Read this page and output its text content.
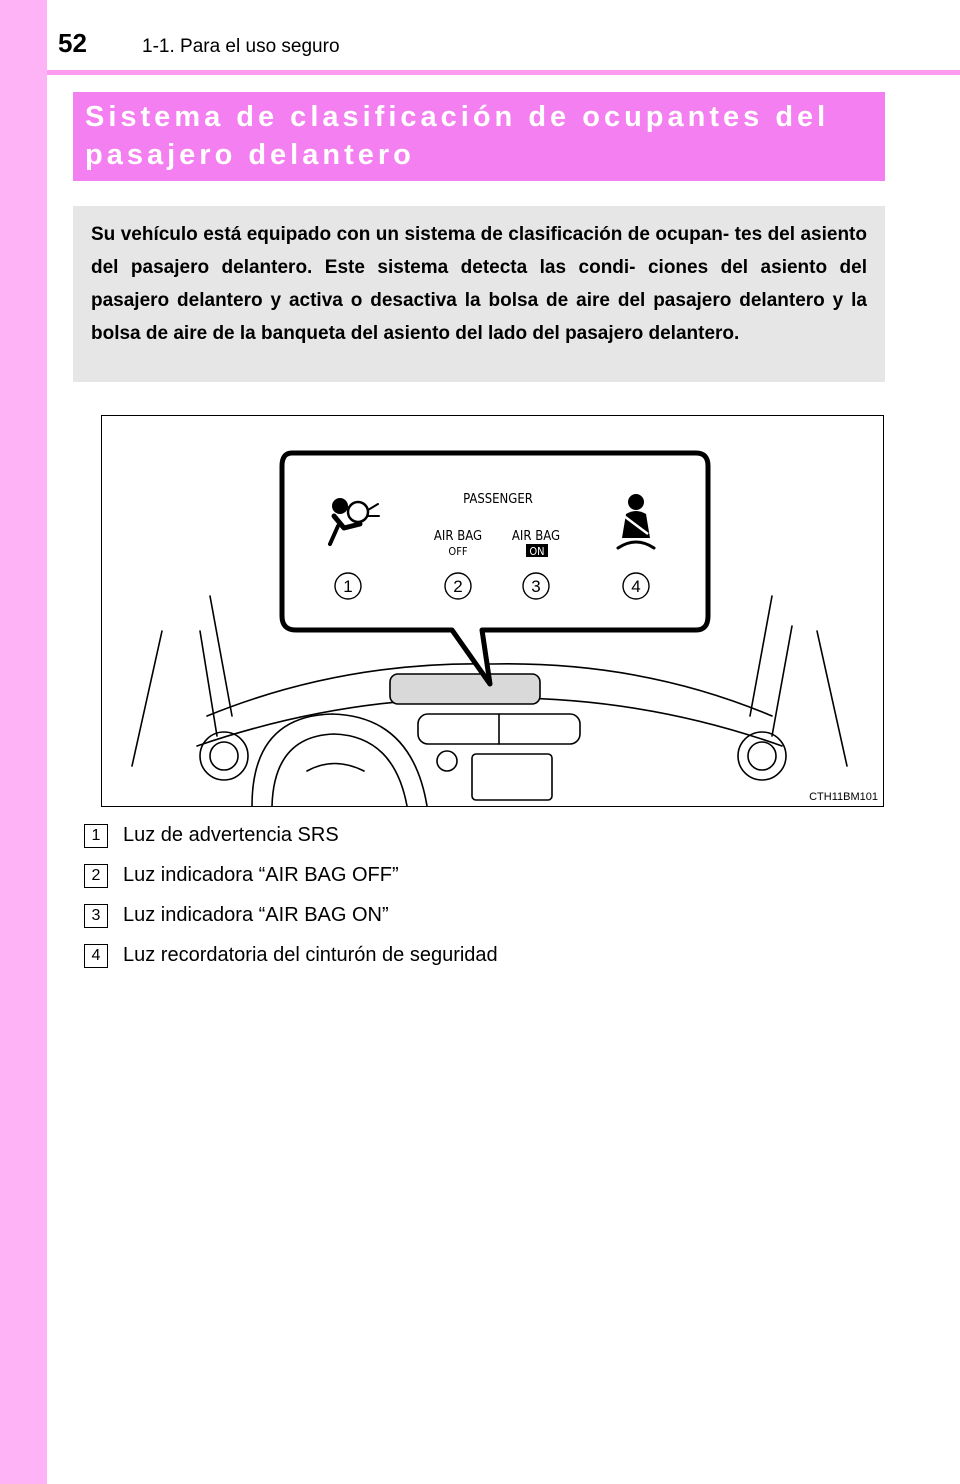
52	1-1. Para el uso seguro
Sistema de clasificación de ocupantes del pasajero delantero
Su vehículo está equipado con un sistema de clasificación de ocupan- tes del asiento del pasajero delantero. Este sistema detecta las condi- ciones del asiento del pasajero delantero y activa o desactiva la bolsa de aire del pasajero delantero y la bolsa de aire de la banqueta del asiento del lado del pasajero delantero.
PASSENGER
AIR BAG
OFF
AIR BAG
ON
1	2	3	4
CTH11BM101
1	Luz de advertencia SRS
2	Luz indicadora “AIR BAG OFF”
3	Luz indicadora “AIR BAG ON”
4	Luz recordatoria del cinturón de seguridad
